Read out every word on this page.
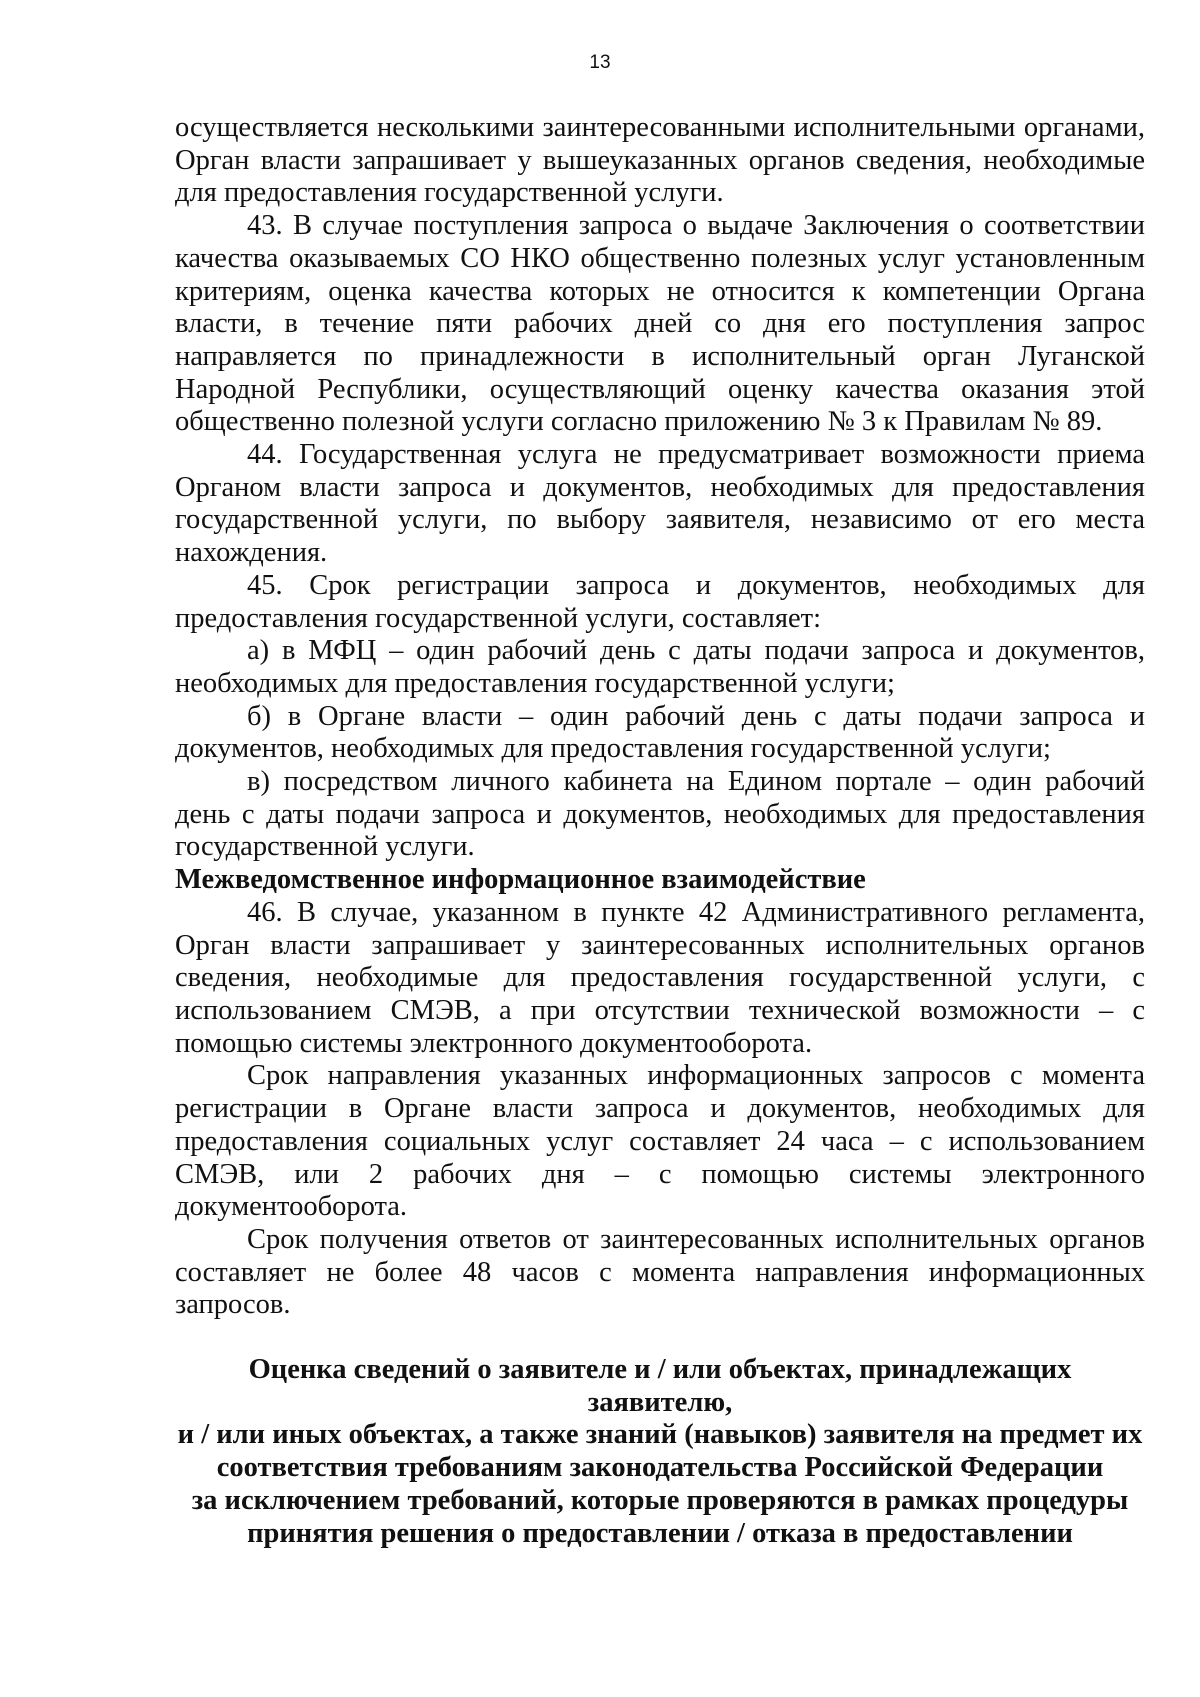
13

осуществляется несколькими заинтересованными исполнительными органами, Орган власти запрашивает у вышеуказанных органов сведения, необходимые для предоставления государственной услуги.

43. В случае поступления запроса о выдаче Заключения о соответствии качества оказываемых СО НКО общественно полезных услуг установленным критериям, оценка качества которых не относится к компетенции Органа власти, в течение пяти рабочих дней со дня его поступления запрос направляется по принадлежности в исполнительный орган Луганской Народной Республики, осуществляющий оценку качества оказания этой общественно полезной услуги согласно приложению № 3 к Правилам № 89.

44. Государственная услуга не предусматривает возможности приема Органом власти запроса и документов, необходимых для предоставления государственной услуги, по выбору заявителя, независимо от его места нахождения.

45. Срок регистрации запроса и документов, необходимых для предоставления государственной услуги, составляет:

а) в МФЦ – один рабочий день с даты подачи запроса и документов, необходимых для предоставления государственной услуги;

б) в Органе власти – один рабочий день с даты подачи запроса и документов, необходимых для предоставления государственной услуги;

в) посредством личного кабинета на Едином портале – один рабочий день с даты подачи запроса и документов, необходимых для предоставления государственной услуги.

Межведомственное информационное взаимодействие

46. В случае, указанном в пункте 42 Административного регламента, Орган власти запрашивает у заинтересованных исполнительных органов сведения, необходимые для предоставления государственной услуги, с использованием СМЭВ, а при отсутствии технической возможности – с помощью системы электронного документооборота.

Срок направления указанных информационных запросов с момента регистрации в Органе власти запроса и документов, необходимых для предоставления социальных услуг составляет 24 часа – с использованием СМЭВ, или 2 рабочих дня – с помощью системы электронного документооборота.

Срок получения ответов от заинтересованных исполнительных органов составляет не более 48 часов с момента направления информационных запросов.

Оценка сведений о заявителе и / или объектах, принадлежащих заявителю,
и / или иных объектах, а также знаний (навыков) заявителя на предмет их
соответствия требованиям законодательства Российской Федерации
за исключением требований, которые проверяются в рамках процедуры
принятия решения о предоставлении / отказа в предоставлении
